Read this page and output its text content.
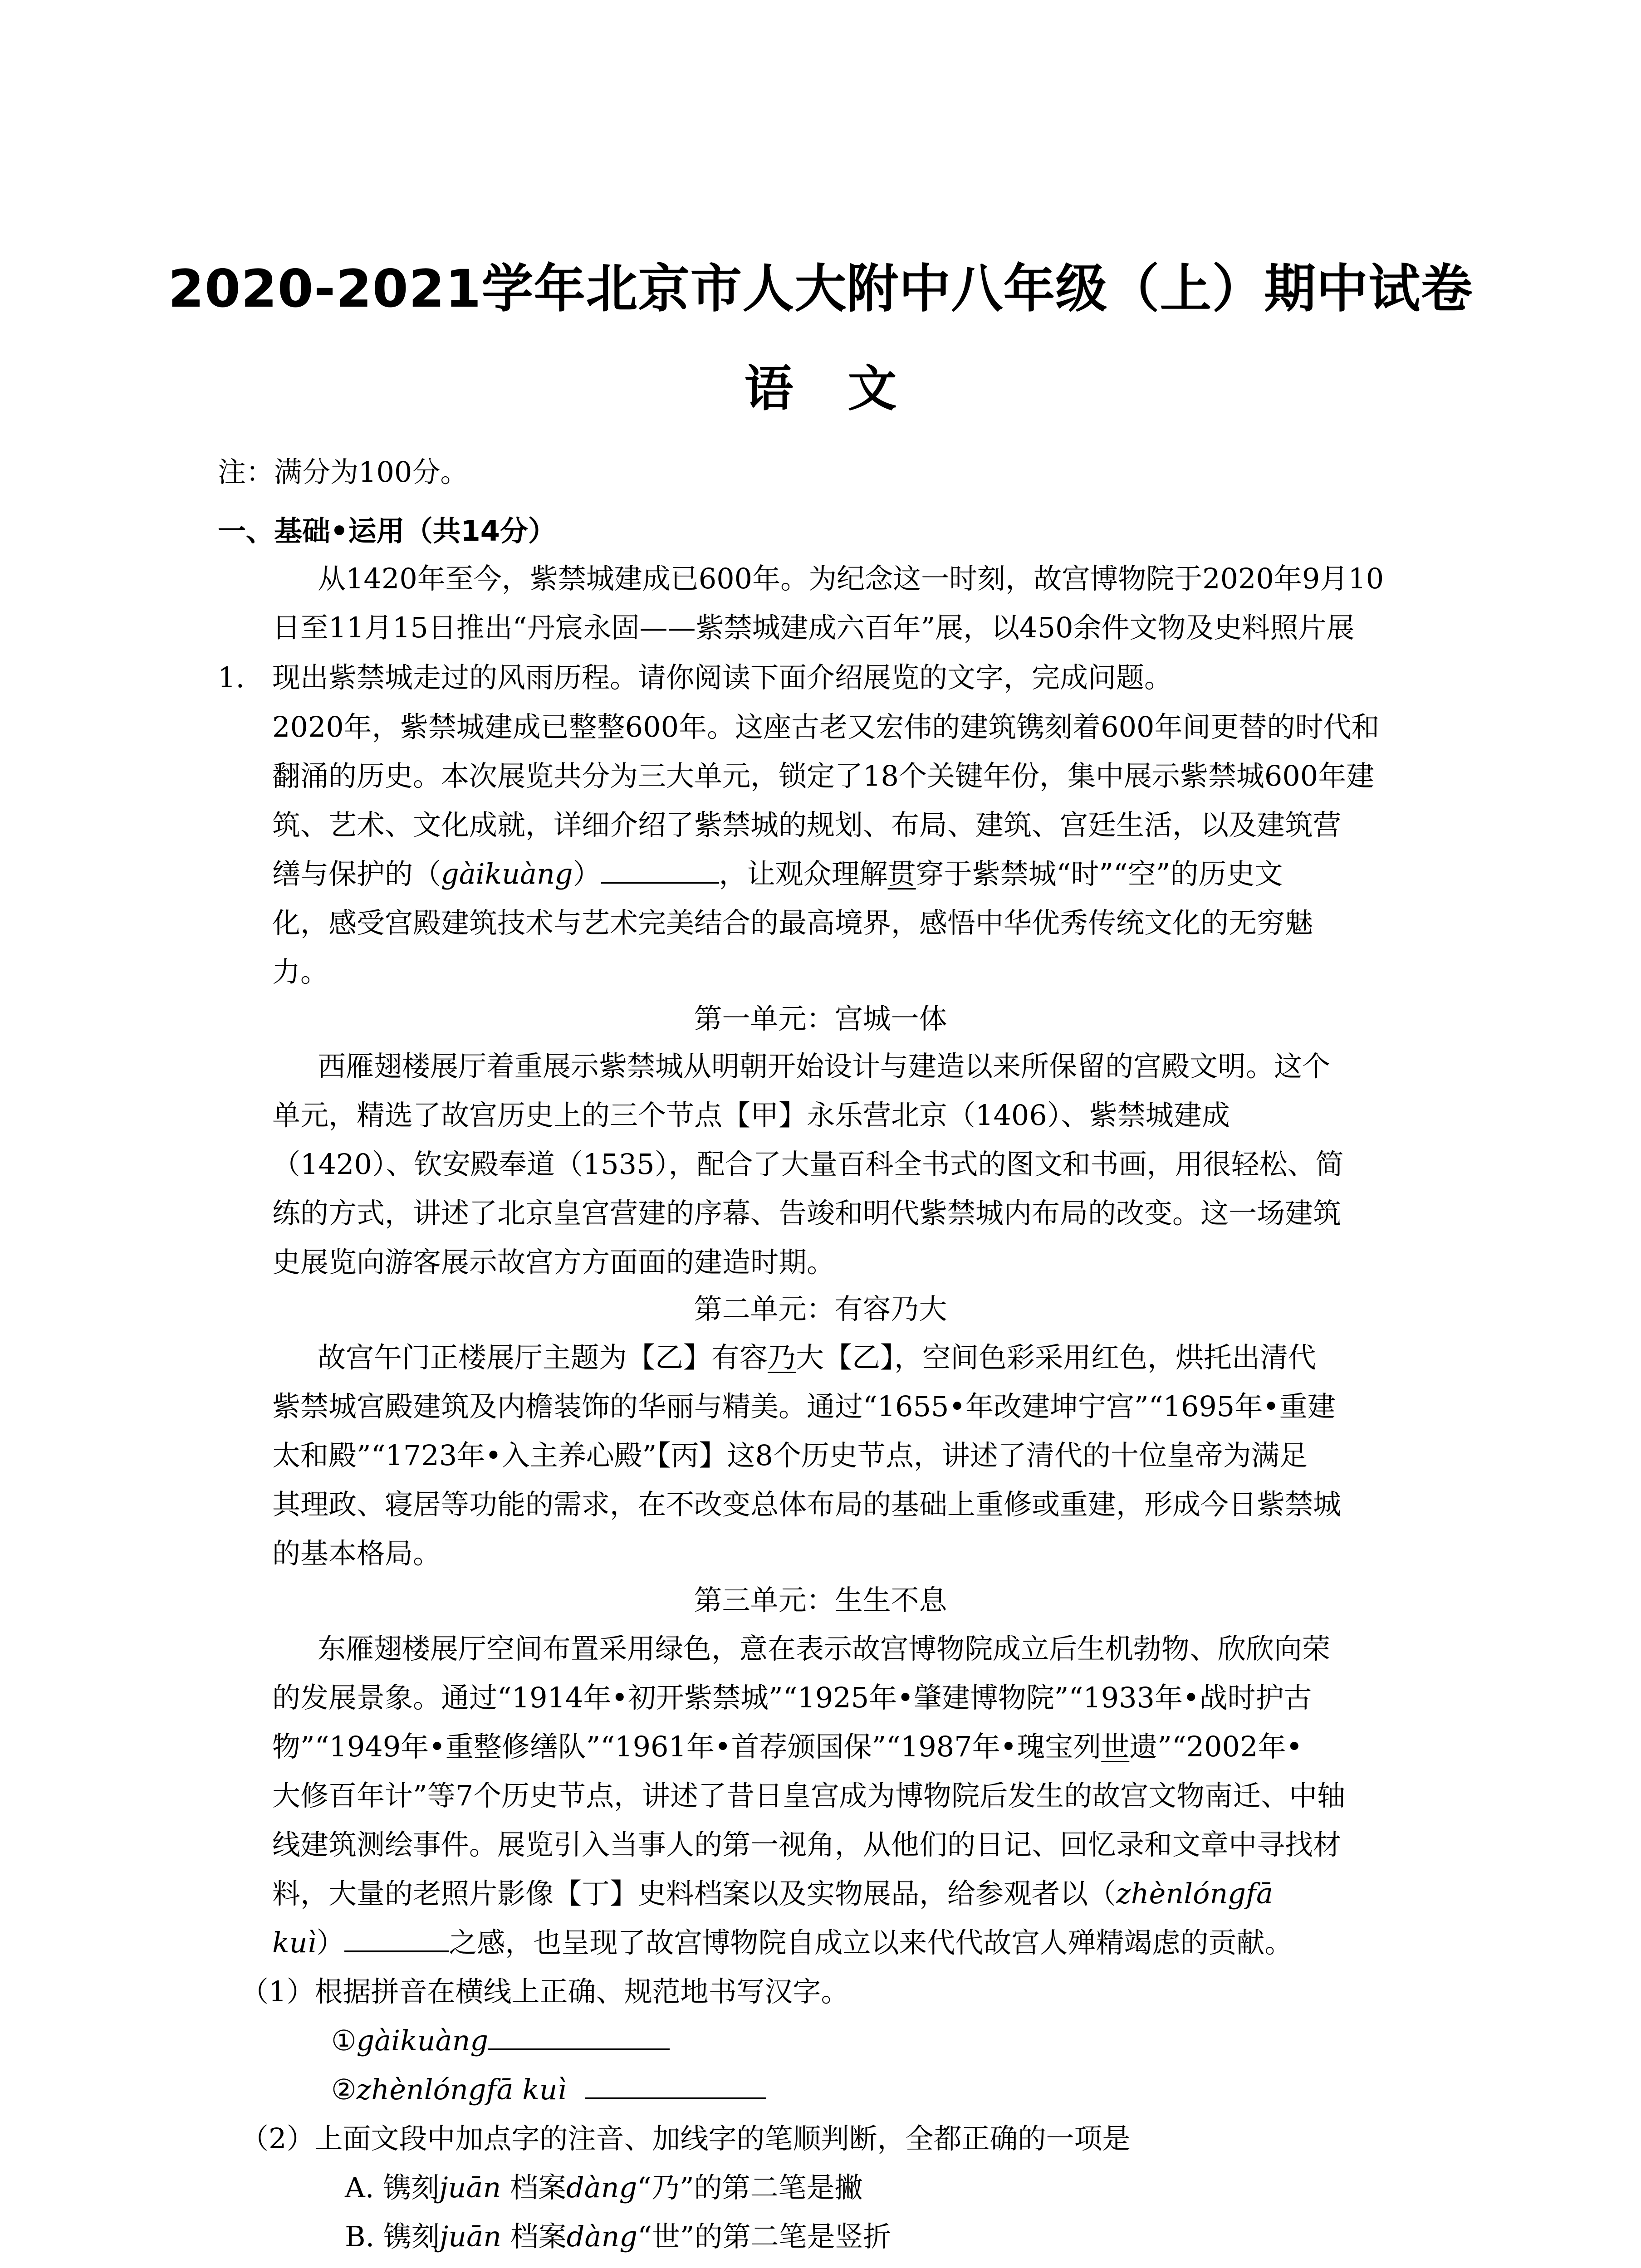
2020-2021学年北京市人大附中八年级（上）期中试卷
语文
注：满分为100分。
一、基础•运用（共14分）
从1420年至今，紫禁城建成已600年。为纪念这一时刻，故宫博物院于2020年9月10
日至11月15日推出“丹宸永固——紫禁城建成六百年”展，以450余件文物及史料照片展
1. 现出紫禁城走过的风雨历程。请你阅读下面介绍展览的文字，完成问题。
2020年，紫禁城建成已整整600年。这座古老又宏伟的建筑镌刻着600年间更替的时代和
翻涌的历史。本次展览共分为三大单元，锁定了18个关键年份，集中展示紫禁城600年建
筑、艺术、文化成就，详细介绍了紫禁城的规划、布局、建筑、宫廷生活，以及建筑营
缮与保护的（gàikuàng）	，让观众理解贯穿于紫禁城“时”“空”的历史文
化，感受宫殿建筑技术与艺术完美结合的最高境界，感悟中华优秀传统文化的无穷魅
力。
第一单元：宫城一体
西雁翅楼展厅着重展示紫禁城从明朝开始设计与建造以来所保留的宫殿文明。这个
单元，精选了故宫历史上的三个节点【甲】永乐营北京（1406）、紫禁城建成
（1420）、钦安殿奉道（1535），配合了大量百科全书式的图文和书画，用很轻松、简
练的方式，讲述了北京皇宫营建的序幕、告竣和明代紫禁城内布局的改变。这一场建筑
史展览向游客展示故宫方方面面的建造时期。
第二单元：有容乃大
故宫午门正楼展厅主题为【乙】有容乃大【乙】，空间色彩采用红色，烘托出清代
紫禁城宫殿建筑及内檐装饰的华丽与精美。通过“1655•年改建坤宁宫”“1695年•重建
太和殿”“1723年•入主养心殿”【丙】这8个历史节点，讲述了清代的十位皇帝为满足
其理政、寝居等功能的需求，在不改变总体布局的基础上重修或重建，形成今日紫禁城
的基本格局。
第三单元：生生不息
东雁翅楼展厅空间布置采用绿色，意在表示故宫博物院成立后生机勃物、欣欣向荣
的发展景象。通过“1914年•初开紫禁城”“1925年•肇建博物院”“1933年•战时护古
物”“1949年•重整修缮队”“1961年•首荐颁国保”“1987年•瑰宝列世遗”“2002年•
大修百年计”等7个历史节点，讲述了昔日皇宫成为博物院后发生的故宫文物南迁、中轴
线建筑测绘事件。展览引入当事人的第一视角，从他们的日记、回忆录和文章中寻找材
料，大量的老照片影像【丁】史料档案以及实物展品，给参观者以（zhènlóngfā
kuì）	之感，也呈现了故宫博物院自成立以来代代故宫人殚精竭虑的贡献。
（1）根据拼音在横线上正确、规范地书写汉字。
①gàikuàng
②zhènlóngfā kuì
（2）上面文段中加点字的注音、加线字的笔顺判断，全都正确的一项是
A. 镌刻juān 档案dàng“乃”的第二笔是撇
B. 镌刻juān 档案dàng“世”的第二笔是竖折
